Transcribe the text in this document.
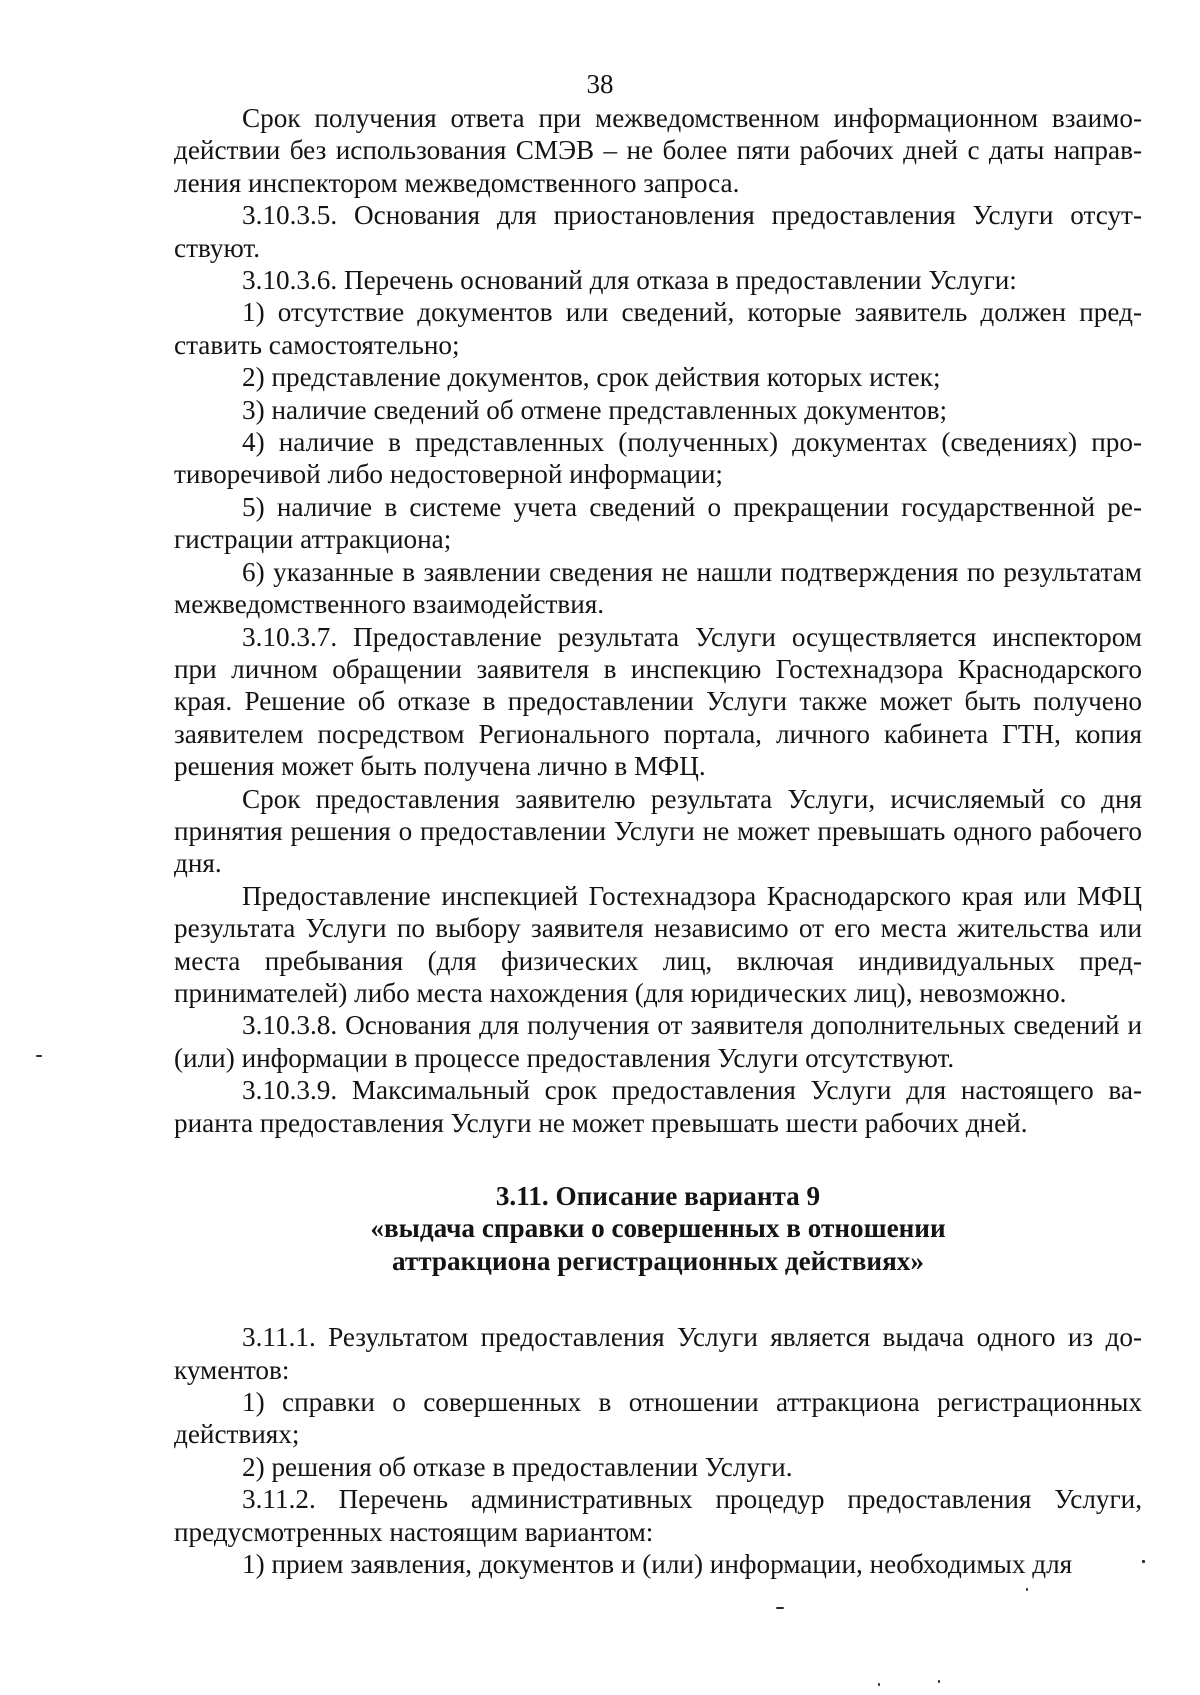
38

Срок получения ответа при межведомственном информационном взаимодействии без использования СМЭВ – не более пяти рабочих дней с даты направления инспектором межведомственного запроса.

3.10.3.5. Основания для приостановления предоставления Услуги отсутствуют.

3.10.3.6. Перечень оснований для отказа в предоставлении Услуги:

1) отсутствие документов или сведений, которые заявитель должен представить самостоятельно;

2) представление документов, срок действия которых истек;

3) наличие сведений об отмене представленных документов;

4) наличие в представленных (полученных) документах (сведениях) противоречивой либо недостоверной информации;

5) наличие в системе учета сведений о прекращении государственной регистрации аттракциона;

6) указанные в заявлении сведения не нашли подтверждения по результатам межведомственного взаимодействия.

3.10.3.7. Предоставление результата Услуги осуществляется инспектором при личном обращении заявителя в инспекцию Гостехнадзора Краснодарского края. Решение об отказе в предоставлении Услуги также может быть получено заявителем посредством Регионального портала, личного кабинета ГТН, копия решения может быть получена лично в МФЦ.

Срок предоставления заявителю результата Услуги, исчисляемый со дня принятия решения о предоставлении Услуги не может превышать одного рабочего дня.

Предоставление инспекцией Гостехнадзора Краснодарского края или МФЦ результата Услуги по выбору заявителя независимо от его места жительства или места пребывания (для физических лиц, включая индивидуальных предпринимателей) либо места нахождения (для юридических лиц), невозможно.

3.10.3.8. Основания для получения от заявителя дополнительных сведений и (или) информации в процессе предоставления Услуги отсутствуют.

3.10.3.9. Максимальный срок предоставления Услуги для настоящего варианта предоставления Услуги не может превышать шести рабочих дней.

3.11. Описание варианта 9
«выдача справки о совершенных в отношении
аттракциона регистрационных действиях»

3.11.1. Результатом предоставления Услуги является выдача одного из документов:

1) справки о совершенных в отношении аттракциона регистрационных действиях;

2) решения об отказе в предоставлении Услуги.

3.11.2. Перечень административных процедур предоставления Услуги, предусмотренных настоящим вариантом:

1) прием заявления, документов и (или) информации, необходимых для
